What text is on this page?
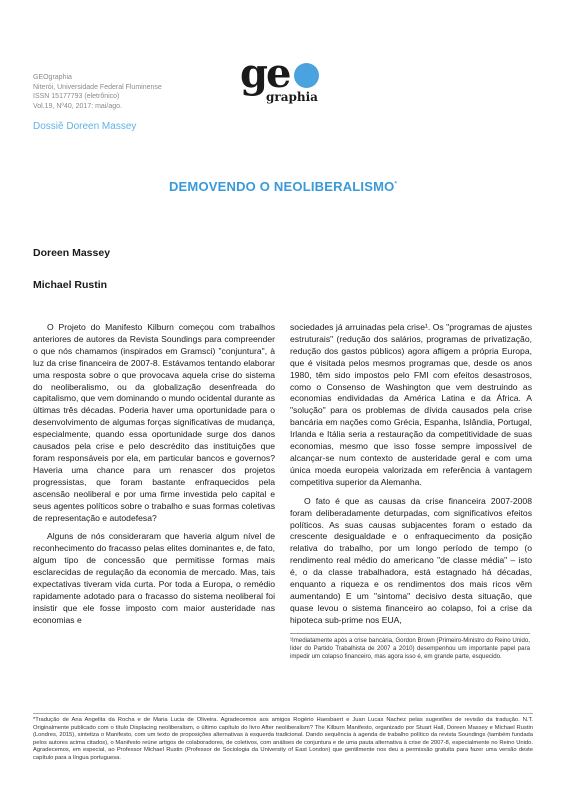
GEOgraphia
Niterói, Universidade Federal Fluminense
ISSN 15177793 (eletrônico)
Vol.19, Nº40, 2017: mai/ago.
ge
graphia
Dossiê Doreen Massey
DEMOVENDO O NEOLIBERALISMO*
Doreen Massey
Michael Rustin

O Projeto do Manifesto Kilburn começou com trabalhos anteriores de autores da Revista Soundings para compreender o que nós chamamos (inspirados em Gramsci) "conjuntura", à luz da crise financeira de 2007-8. Estávamos tentando elaborar uma resposta sobre o que provocava aquela crise do sistema do neoliberalismo, ou da globalização desenfreada do capitalismo, que vem dominando o mundo ocidental durante as últimas três décadas. Poderia haver uma oportunidade para o desenvolvimento de algumas forças significativas de mudança, especialmente, quando essa oportunidade surge dos danos causados pela crise e pelo descrédito das instituições que foram responsáveis por ela, em particular bancos e governos? Haveria uma chance para um renascer dos projetos progressistas, que foram bastante enfraquecidos pela ascensão neoliberal e por uma firme investida pelo capital e seus agentes políticos sobre o trabalho e suas formas coletivas de representação e autodefesa?

Alguns de nós consideraram que haveria algum nível de reconhecimento do fracasso pelas elites dominantes e, de fato, algum tipo de concessão que permitisse formas mais esclarecidas de regulação da economia de mercado. Mas, tais expectativas tiveram vida curta. Por toda a Europa, o remédio rapidamente adotado para o fracasso do sistema neoliberal foi insistir que ele fosse imposto com maior austeridade nas economias e

sociedades já arruinadas pela crise¹. Os "programas de ajustes estruturais" (redução dos salários, programas de privatização, redução dos gastos públicos) agora afligem a própria Europa, que é visitada pelos mesmos programas que, desde os anos 1980, têm sido impostos pelo FMI com efeitos desastrosos, como o Consenso de Washington que vem destruindo as economias endividadas da América Latina e da África. A "solução" para os problemas de dívida causados pela crise bancária em nações como Grécia, Espanha, Islândia, Portugal, Irlanda e Itália seria a restauração da competitividade de suas economias, mesmo que isso fosse sempre impossível de alcançar-se num contexto de austeridade geral e com uma única moeda europeia valorizada em referência à vantagem competitiva superior da Alemanha.

O fato é que as causas da crise financeira 2007-2008 foram deliberadamente deturpadas, com significativos efeitos políticos. As suas causas subjacentes foram o estado da crescente desigualdade e o enfraquecimento da posição relativa do trabalho, por um longo período de tempo (o rendimento real médio do americano "de classe média" – isto é, o da classe trabalhadora, está estagnado há décadas, enquanto a riqueza e os rendimentos dos mais ricos vêm aumentando) E um "sintoma" decisivo desta situação, que quase levou o sistema financeiro ao colapso, foi a crise da hipoteca sub-prime nos EUA,

¹Imediatamente após a crise bancária, Gordon Brown (Primeiro-Ministro do Reino Unido, líder do Partido Trabalhista de 2007 a 2010) desempenhou um importante papel para impedir um colapso financeiro, mas agora isso é, em grande parte, esquecido.
*Tradução de Ana Angelita da Rocha e de Maria Lucia de Oliveira. Agradecemos aos amigos Rogério Haesbaert e Juan Lucas Nachez pelas sugestões de revisão da tradução. N.T. Originalmente publicado com o título Displacing neoliberalism, o último capítulo do livro After neoliberalism? The Kilburn Manifesto, organizado por Stuart Hall, Doreen Massey e Michael Rustin (Londres, 2015), sintetiza o Manifesto, com um texto de proposições alternativas à esquerda tradicional. Dando sequência à agenda de trabalho político da revista Soundings (também fundada pelos autores acima citados), o Manifesto reúne artigos de colaboradores, de coletivos, com análises de conjuntura e de uma pauta alternativa à crise de 2007-8, especialmente no Reino Unido. Agradecemos, em especial, ao Professor Michael Rustin (Professor de Sociologia da University of East London) que gentilmente nos deu a permissão gratuita para fazer uma versão deste capítulo para a língua portuguesa.
